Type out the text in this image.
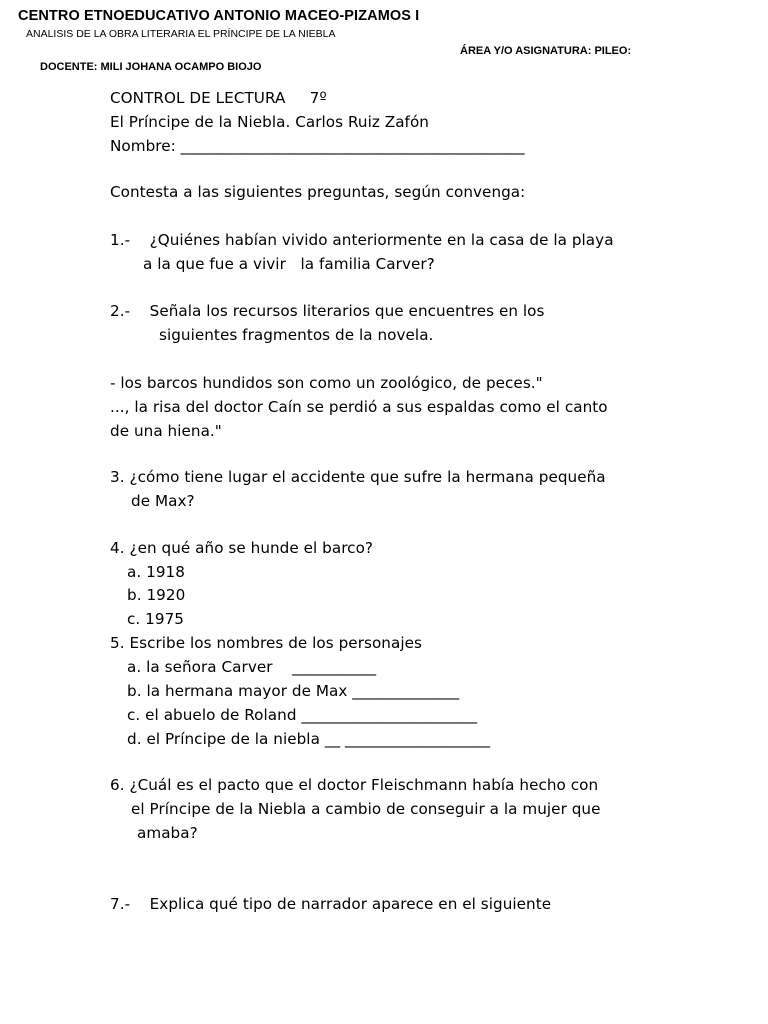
CENTRO ETNOEDUCATIVO ANTONIO MACEO-PIZAMOS I
ANALISIS DE LA OBRA LITERARIA EL PRÍNCIPE DE LA NIEBLA
ÁREA Y/O ASIGNATURA: PILEO:
DOCENTE: MILI JOHANA OCAMPO BIOJO
CONTROL DE LECTURA     7º
El Príncipe de la Niebla. Carlos Ruiz Zafón
Nombre: _____________________________________________
Contesta a las siguientes preguntas, según convenga:
1.-    ¿Quiénes habían vivido anteriormente en la casa de la playa
a la que fue a vivir   la familia Carver?
2.-    Señala los recursos literarios que encuentres en los
siguientes fragmentos de la novela.
- los barcos hundidos son como un zoológico, de peces."
..., la risa del doctor Caín se perdió a sus espaldas como el canto
de una hiena."
3. ¿cómo tiene lugar el accidente que sufre la hermana pequeña
de Max?
4. ¿en qué año se hunde el barco?
a. 1918
b. 1920
c. 1975
5. Escribe los nombres de los personajes
a. la señora Carver    ___________
b. la hermana mayor de Max ______________
c. el abuelo de Roland _______________________
d. el Príncipe de la niebla __ ___________________
6. ¿Cuál es el pacto que el doctor Fleischmann había hecho con
el Príncipe de la Niebla a cambio de conseguir a la mujer que
amaba?
7.-    Explica qué tipo de narrador aparece en el siguiente
